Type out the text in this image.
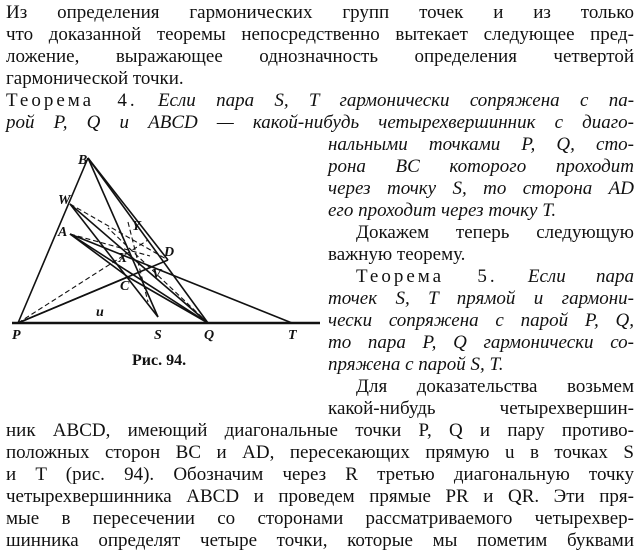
Из определения гармонических групп точек и из только
что доказанной теоремы непосредственно вытекает следующее пред-
ложение, выражающее однозначность определения четвертой
гармонической точки.
Теорема 4. Если пара S, T гармонически сопряжена с па-
рой P, Q и ABCD — какой-нибудь четырехвершинник с диаго-
нальными точками P, Q, сто-
рона BC которого проходит
через точку S, то сторона AD
его проходит через точку T.
Докажем теперь следующую
важную теорему.
Теорема 5. Если пара
точек S, T прямой и гармони-
чески сопряжена с парой P, Q,
то пара P, Q гармонически со-
пряжена с парой S, T.
Для доказательства возьмем
какой-нибудь четырехвершин-
ник ABCD, имеющий диагональные точки P, Q и пару противо-
положных сторон BC и AD, пересекающих прямую u в точках S
и T (рис. 94). Обозначим через R третью диагональную точку
четырехвершинника ABCD и проведем прямые PR и QR. Эти пря-
мые в пересечении со сторонами рассматриваемого четырехвер-
шинника определят четыре точки, которые мы пометим буквами
B
W
A	Y
D
X
C
V
u
P	S	Q	T
Рис. 94.
